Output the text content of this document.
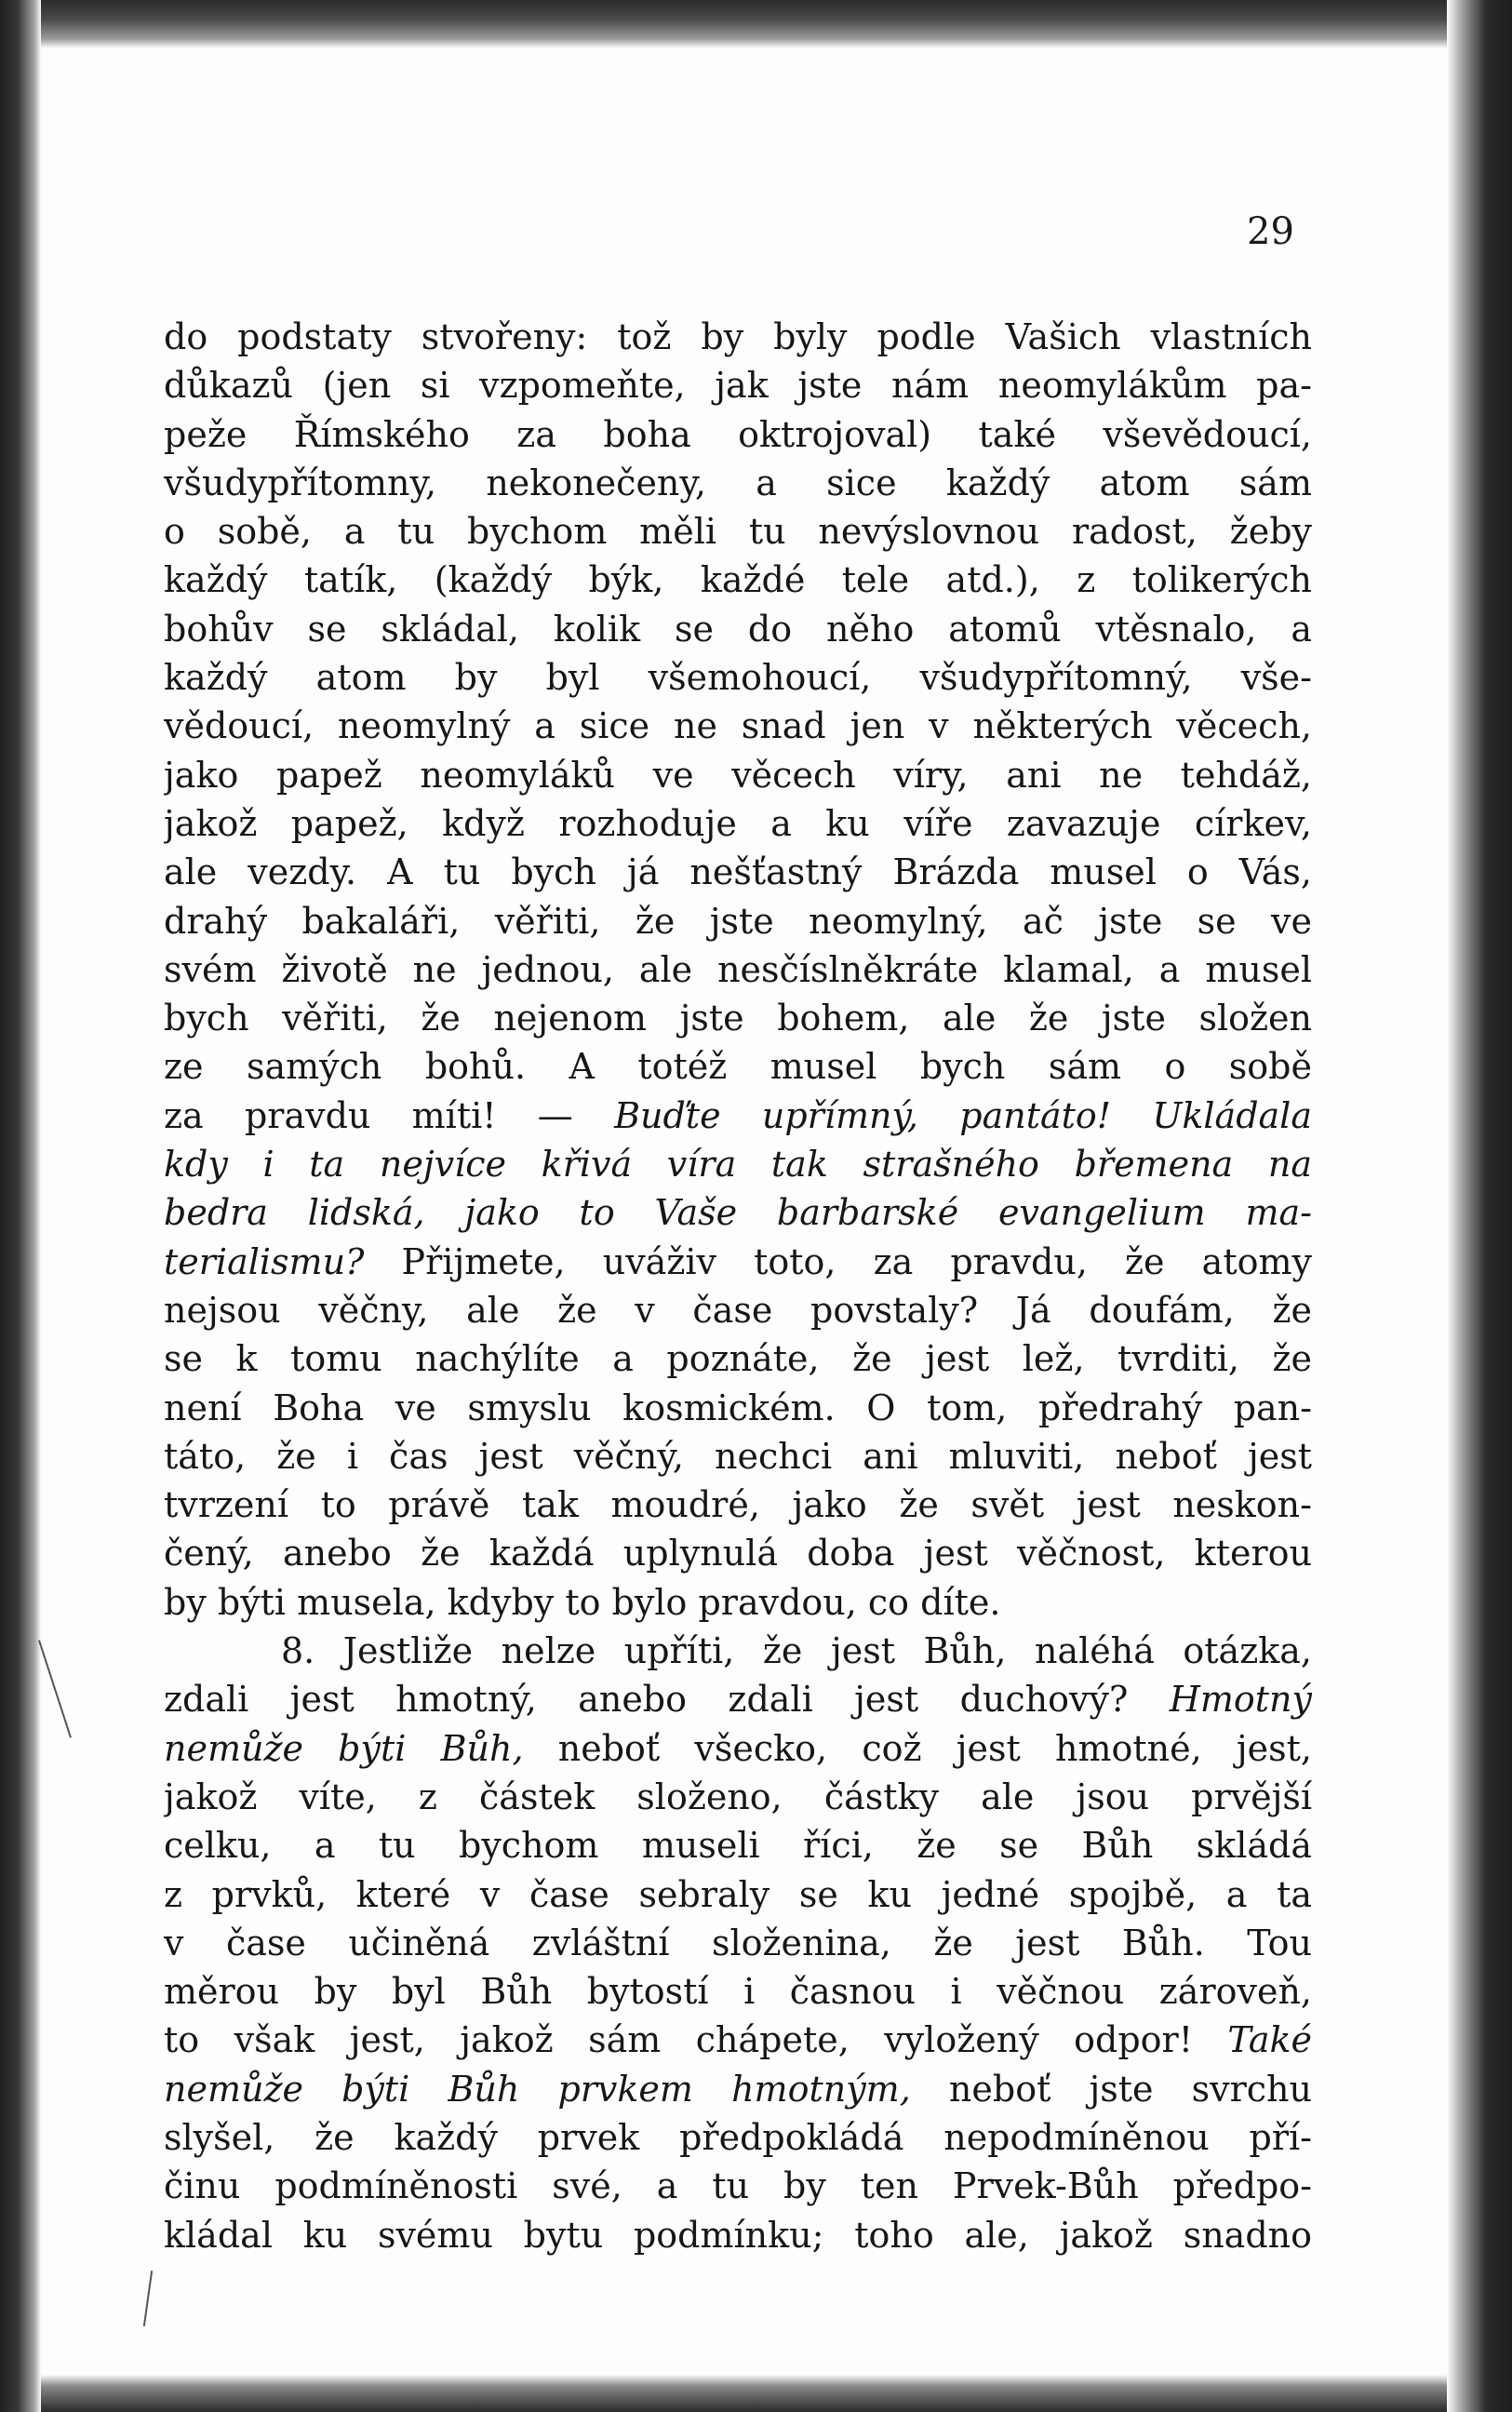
29
do podstaty stvořeny: tož by byly podle Vašich vlastních
důkazů (jen si vzpomeňte, jak jste nám neomylákům pa-
peže Římského za boha oktrojoval) také vševědoucí,
všudypřítomny, nekonečeny, a sice každý atom sám
o sobě, a tu bychom měli tu nevýslovnou radost, žeby
každý tatík, (každý býk, každé tele atd.), z tolikerých
bohův se skládal, kolik se do něho atomů vtěsnalo, a
každý atom by byl všemohoucí, všudypřítomný, vše-
vědoucí, neomylný a sice ne snad jen v některých věcech,
jako papež neomyláků ve věcech víry, ani ne tehdáž,
jakož papež, když rozhoduje a ku víře zavazuje církev,
ale vezdy. A tu bych já nešťastný Brázda musel o Vás,
drahý bakaláři, věřiti, že jste neomylný, ač jste se ve
svém životě ne jednou, ale nesčíslněkráte klamal, a musel
bych věřiti, že nejenom jste bohem, ale že jste složen
ze samých bohů. A totéž musel bych sám o sobě
za pravdu míti! — Buďte upřímný, pantáto! Ukládala
kdy i ta nejvíce křivá víra tak strašného břemena na
bedra lidská, jako to Vaše barbarské evangelium ma-
terialismu? Přijmete, uváživ toto, za pravdu, že atomy
nejsou věčny, ale že v čase povstaly? Já doufám, že
se k tomu nachýlíte a poznáte, že jest lež, tvrditi, že
není Boha ve smyslu kosmickém. O tom, předrahý pan-
táto, že i čas jest věčný, nechci ani mluviti, neboť jest
tvrzení to právě tak moudré, jako že svět jest neskon-
čený, anebo že každá uplynulá doba jest věčnost, kterou
by býti musela, kdyby to bylo pravdou, co díte.
8. Jestliže nelze upříti, že jest Bůh, naléhá otázka,
zdali jest hmotný, anebo zdali jest duchový? Hmotný
nemůže býti Bůh, neboť všecko, což jest hmotné, jest,
jakož víte, z částek složeno, částky ale jsou prvější
celku, a tu bychom museli říci, že se Bůh skládá
z prvků, které v čase sebraly se ku jedné spojbě, a ta
v čase učiněná zvláštní složenina, že jest Bůh. Tou
měrou by byl Bůh bytostí i časnou i věčnou zároveň,
to však jest, jakož sám chápete, vyložený odpor! Také
nemůže býti Bůh prvkem hmotným, neboť jste svrchu
slyšel, že každý prvek předpokládá nepodmíněnou pří-
činu podmíněnosti své, a tu by ten Prvek-Bůh předpo-
kládal ku svému bytu podmínku; toho ale, jakož snadno
